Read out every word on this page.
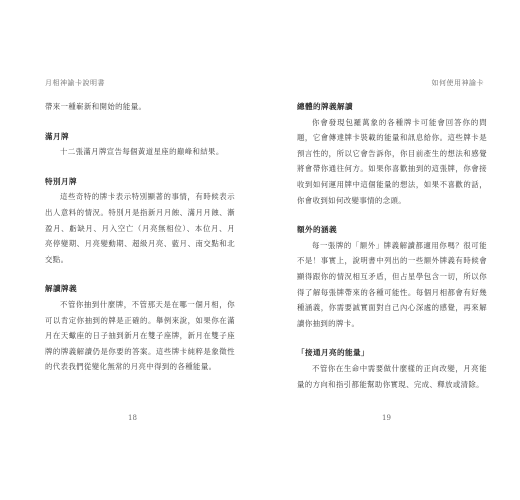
月相神諭卡說明書

帶來一種嶄新和開始的能量。

滿月牌

十二張滿月牌宣告每個黃道星座的巔峰和結果。

特別月牌

這些奇特的牌卡表示特別顯著的事情，有時候表示出人意料的情況。特別月是指新月月蝕、滿月月蝕、漸盈月、虧缺月、月入空亡（月亮無相位）、本位月、月亮停變期、月亮變動期、超級月亮、藍月、南交點和北交點。

解讀牌義

不管你抽到什麼牌，不管那天是在哪一個月相，你可以肯定你抽到的牌是正確的。舉例來說，如果你在滿月在天蠍座的日子抽到新月在雙子座牌，新月在雙子座牌的牌義解讀仍是你要的答案。這些牌卡純粹是象徵性的代表我們從變化無常的月亮中得到的各種能量。

18
如何使用神諭卡
總體的牌義解讀

你會發現包羅萬象的各種牌卡可能會回答你的問題，它會傳達牌卡裝載的能量和訊息給你。這些牌卡是預言性的，所以它會告訴你，你目前產生的想法和感覺將會帶你通往何方。如果你喜歡抽到的這張牌，你會接收到如何運用牌中這個能量的想法，如果不喜歡的話，你會收到如何改變事情的念頭。

額外的涵義

每一張牌的「額外」牌義解讀都適用你嗎？很可能不是！事實上，說明書中列出的一些額外牌義有時候會顯得跟你的情況相互矛盾，但占星學包含一切，所以你得了解每張牌帶來的各種可能性。每個月相都會有好幾種涵義，你需要誠實面對自己內心深處的感覺，再來解讀你抽到的牌卡。

「接通月亮的能量」

不管你在生命中需要做什麼樣的正向改變，月亮能量的方向和指引都能幫助你實現、完成、釋放或清除。

19
